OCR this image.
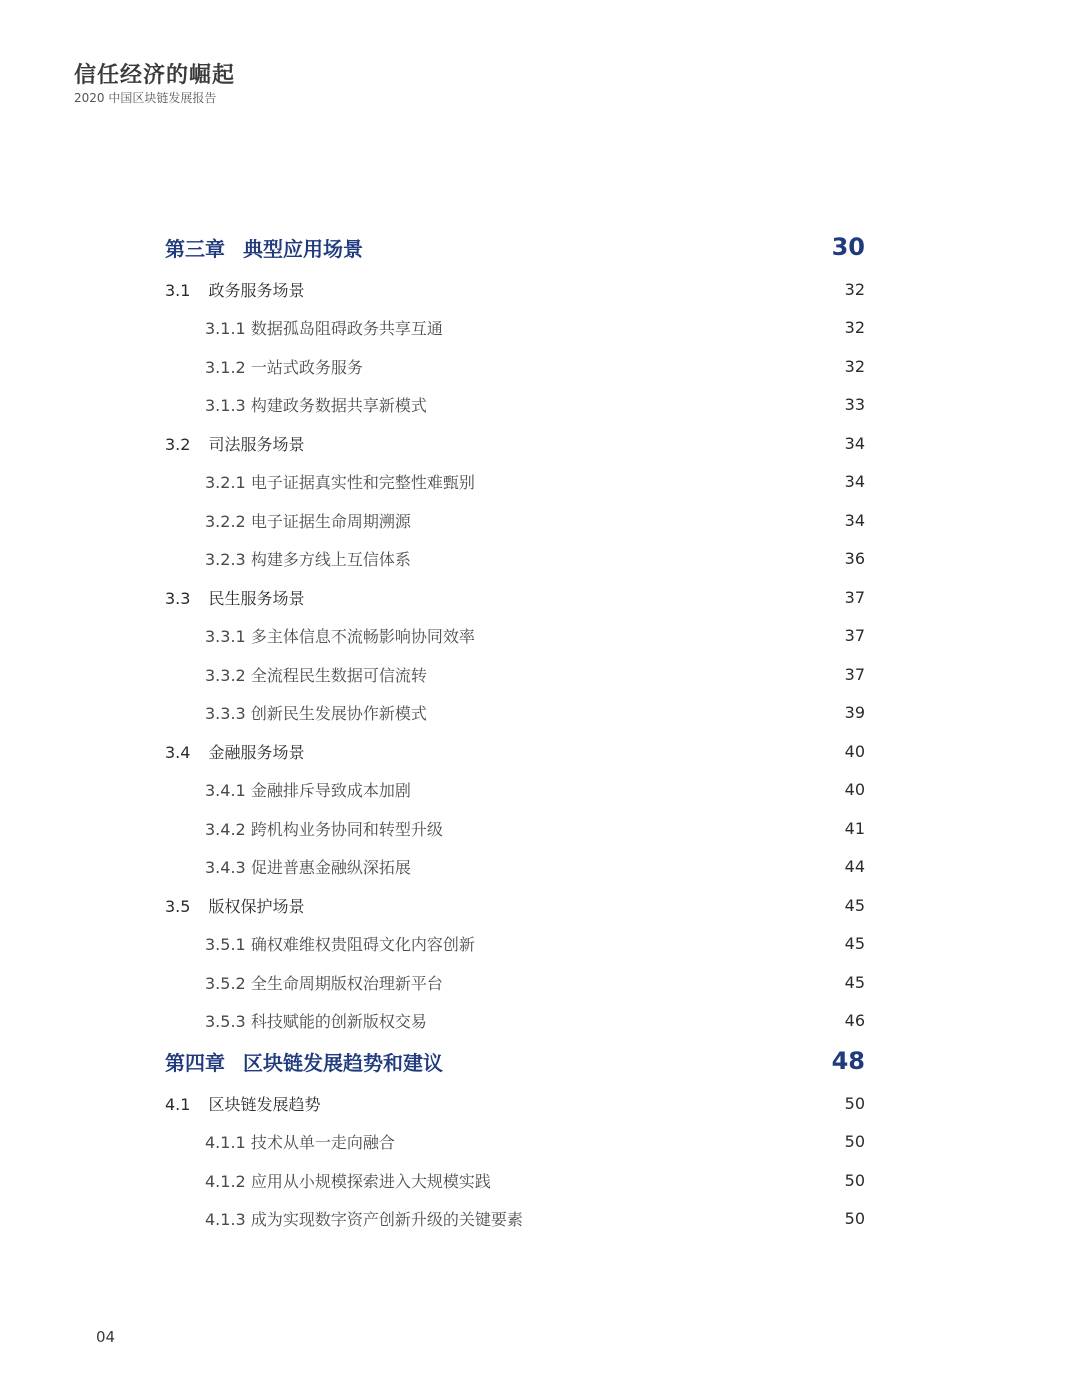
信任经济的崛起
2020 中国区块链发展报告
第三章 典型应用场景	30
3.1 政务服务场景	32
3.1.1 数据孤岛阻碍政务共享互通	32
3.1.2 一站式政务服务	32
3.1.3 构建政务数据共享新模式	33
3.2 司法服务场景	34
3.2.1 电子证据真实性和完整性难甄别	34
3.2.2 电子证据生命周期溯源	34
3.2.3 构建多方线上互信体系	36
3.3 民生服务场景	37
3.3.1 多主体信息不流畅影响协同效率	37
3.3.2 全流程民生数据可信流转	37
3.3.3 创新民生发展协作新模式	39
3.4 金融服务场景	40
3.4.1 金融排斥导致成本加剧	40
3.4.2 跨机构业务协同和转型升级	41
3.4.3 促进普惠金融纵深拓展	44
3.5 版权保护场景	45
3.5.1 确权难维权贵阻碍文化内容创新	45
3.5.2 全生命周期版权治理新平台	45
3.5.3 科技赋能的创新版权交易	46
第四章 区块链发展趋势和建议	48
4.1 区块链发展趋势	50
4.1.1 技术从单一走向融合	50
4.1.2 应用从小规模探索进入大规模实践	50
4.1.3 成为实现数字资产创新升级的关键要素	50
04
